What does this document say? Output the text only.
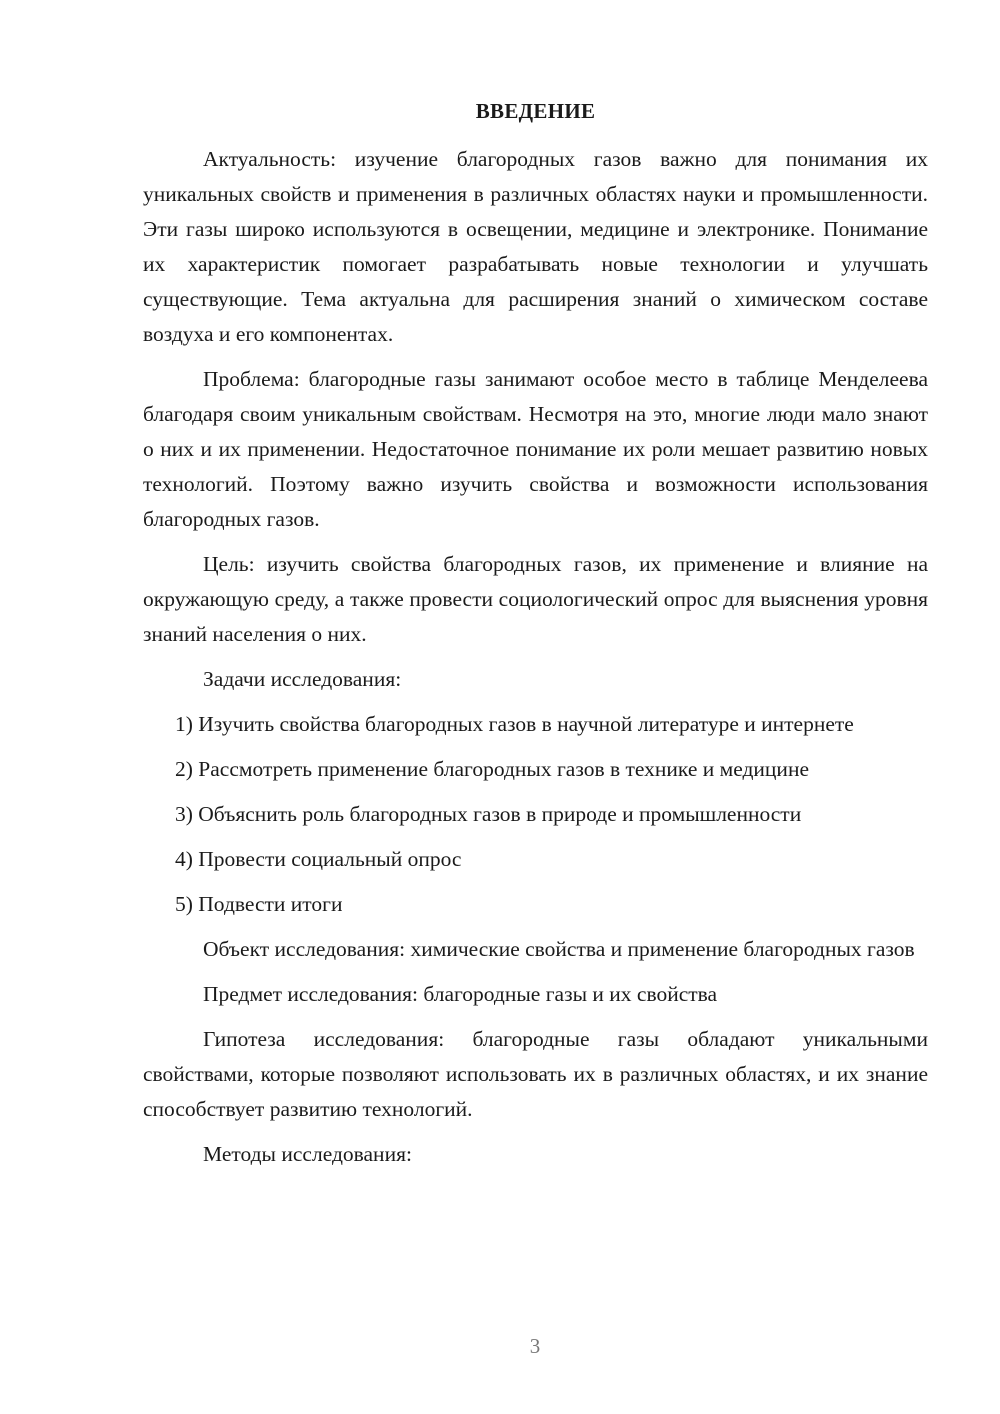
ВВЕДЕНИЕ

Актуальность: изучение благородных газов важно для понимания их уникальных свойств и применения в различных областях науки и промышленности. Эти газы широко используются в освещении, медицине и электронике. Понимание их характеристик помогает разрабатывать новые технологии и улучшать существующие. Тема актуальна для расширения знаний о химическом составе воздуха и его компонентах.

Проблема: благородные газы занимают особое место в таблице Менделеева благодаря своим уникальным свойствам. Несмотря на это, многие люди мало знают о них и их применении. Недостаточное понимание их роли мешает развитию новых технологий. Поэтому важно изучить свойства и возможности использования благородных газов.

Цель: изучить свойства благородных газов, их применение и влияние на окружающую среду, а также провести социологический опрос для выяснения уровня знаний населения о них.

Задачи исследования:

1) Изучить свойства благородных газов в научной литературе и интернете

2) Рассмотреть применение благородных газов в технике и медицине

3) Объяснить роль благородных газов в природе и промышленности

4) Провести социальный опрос

5) Подвести итоги

Объект исследования: химические свойства и применение благородных газов

Предмет исследования: благородные газы и их свойства

Гипотеза исследования: благородные газы обладают уникальными свойствами, которые позволяют использовать их в различных областях, и их знание способствует развитию технологий.

Методы исследования:

3
